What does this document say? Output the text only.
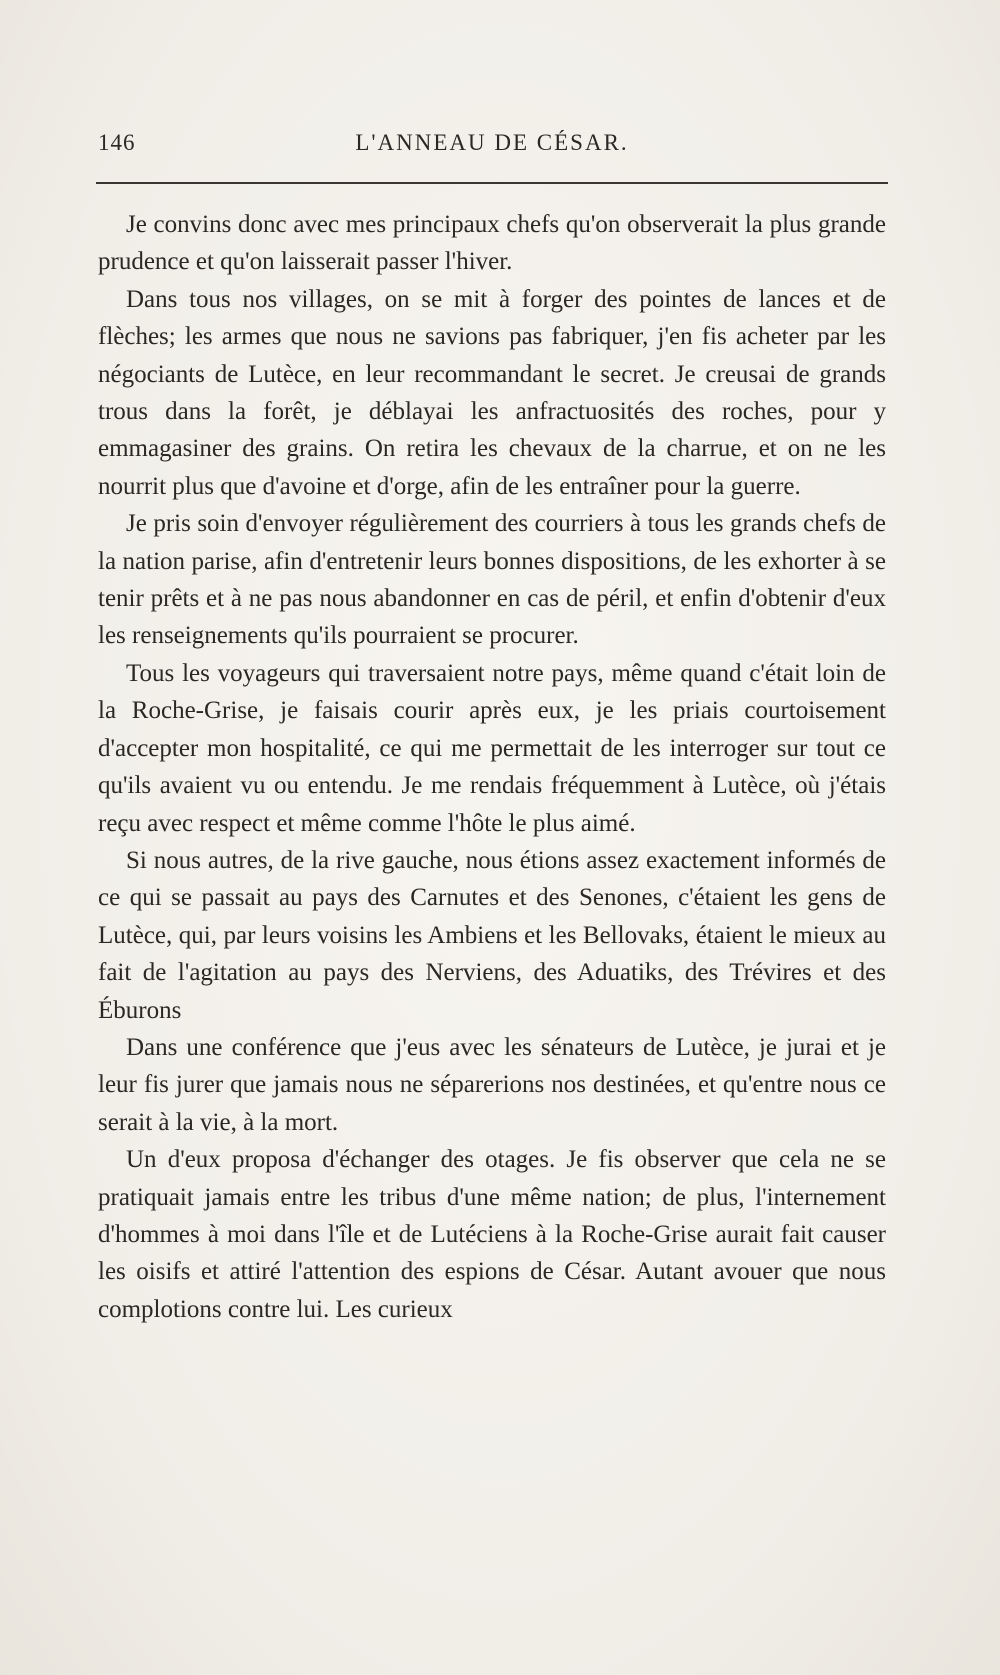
146	L'ANNEAU DE CÉSAR.

Je convins donc avec mes principaux chefs qu'on observerait la plus grande prudence et qu'on laisserait passer l'hiver.

Dans tous nos villages, on se mit à forger des pointes de lances et de flèches; les armes que nous ne savions pas fabriquer, j'en fis acheter par les négociants de Lutèce, en leur recommandant le secret. Je creusai de grands trous dans la forêt, je déblayai les anfractuosités des roches, pour y emmagasiner des grains. On retira les chevaux de la charrue, et on ne les nourrit plus que d'avoine et d'orge, afin de les entraîner pour la guerre.

Je pris soin d'envoyer régulièrement des courriers à tous les grands chefs de la nation parise, afin d'entretenir leurs bonnes dispositions, de les exhorter à se tenir prêts et à ne pas nous abandonner en cas de péril, et enfin d'obtenir d'eux les renseignements qu'ils pourraient se procurer.

Tous les voyageurs qui traversaient notre pays, même quand c'était loin de la Roche-Grise, je faisais courir après eux, je les priais courtoisement d'accepter mon hospitalité, ce qui me permettait de les interroger sur tout ce qu'ils avaient vu ou entendu. Je me rendais fréquemment à Lutèce, où j'étais reçu avec respect et même comme l'hôte le plus aimé.

Si nous autres, de la rive gauche, nous étions assez exactement informés de ce qui se passait au pays des Carnutes et des Senones, c'étaient les gens de Lutèce, qui, par leurs voisins les Ambiens et les Bellovaks, étaient le mieux au fait de l'agitation au pays des Nerviens, des Aduatiks, des Trévires et des Éburons

Dans une conférence que j'eus avec les sénateurs de Lutèce, je jurai et je leur fis jurer que jamais nous ne séparerions nos destinées, et qu'entre nous ce serait à la vie, à la mort.

Un d'eux proposa d'échanger des otages. Je fis observer que cela ne se pratiquait jamais entre les tribus d'une même nation; de plus, l'internement d'hommes à moi dans l'île et de Lutéciens à la Roche-Grise aurait fait causer les oisifs et attiré l'attention des espions de César. Autant avouer que nous complotions contre lui. Les curieux
